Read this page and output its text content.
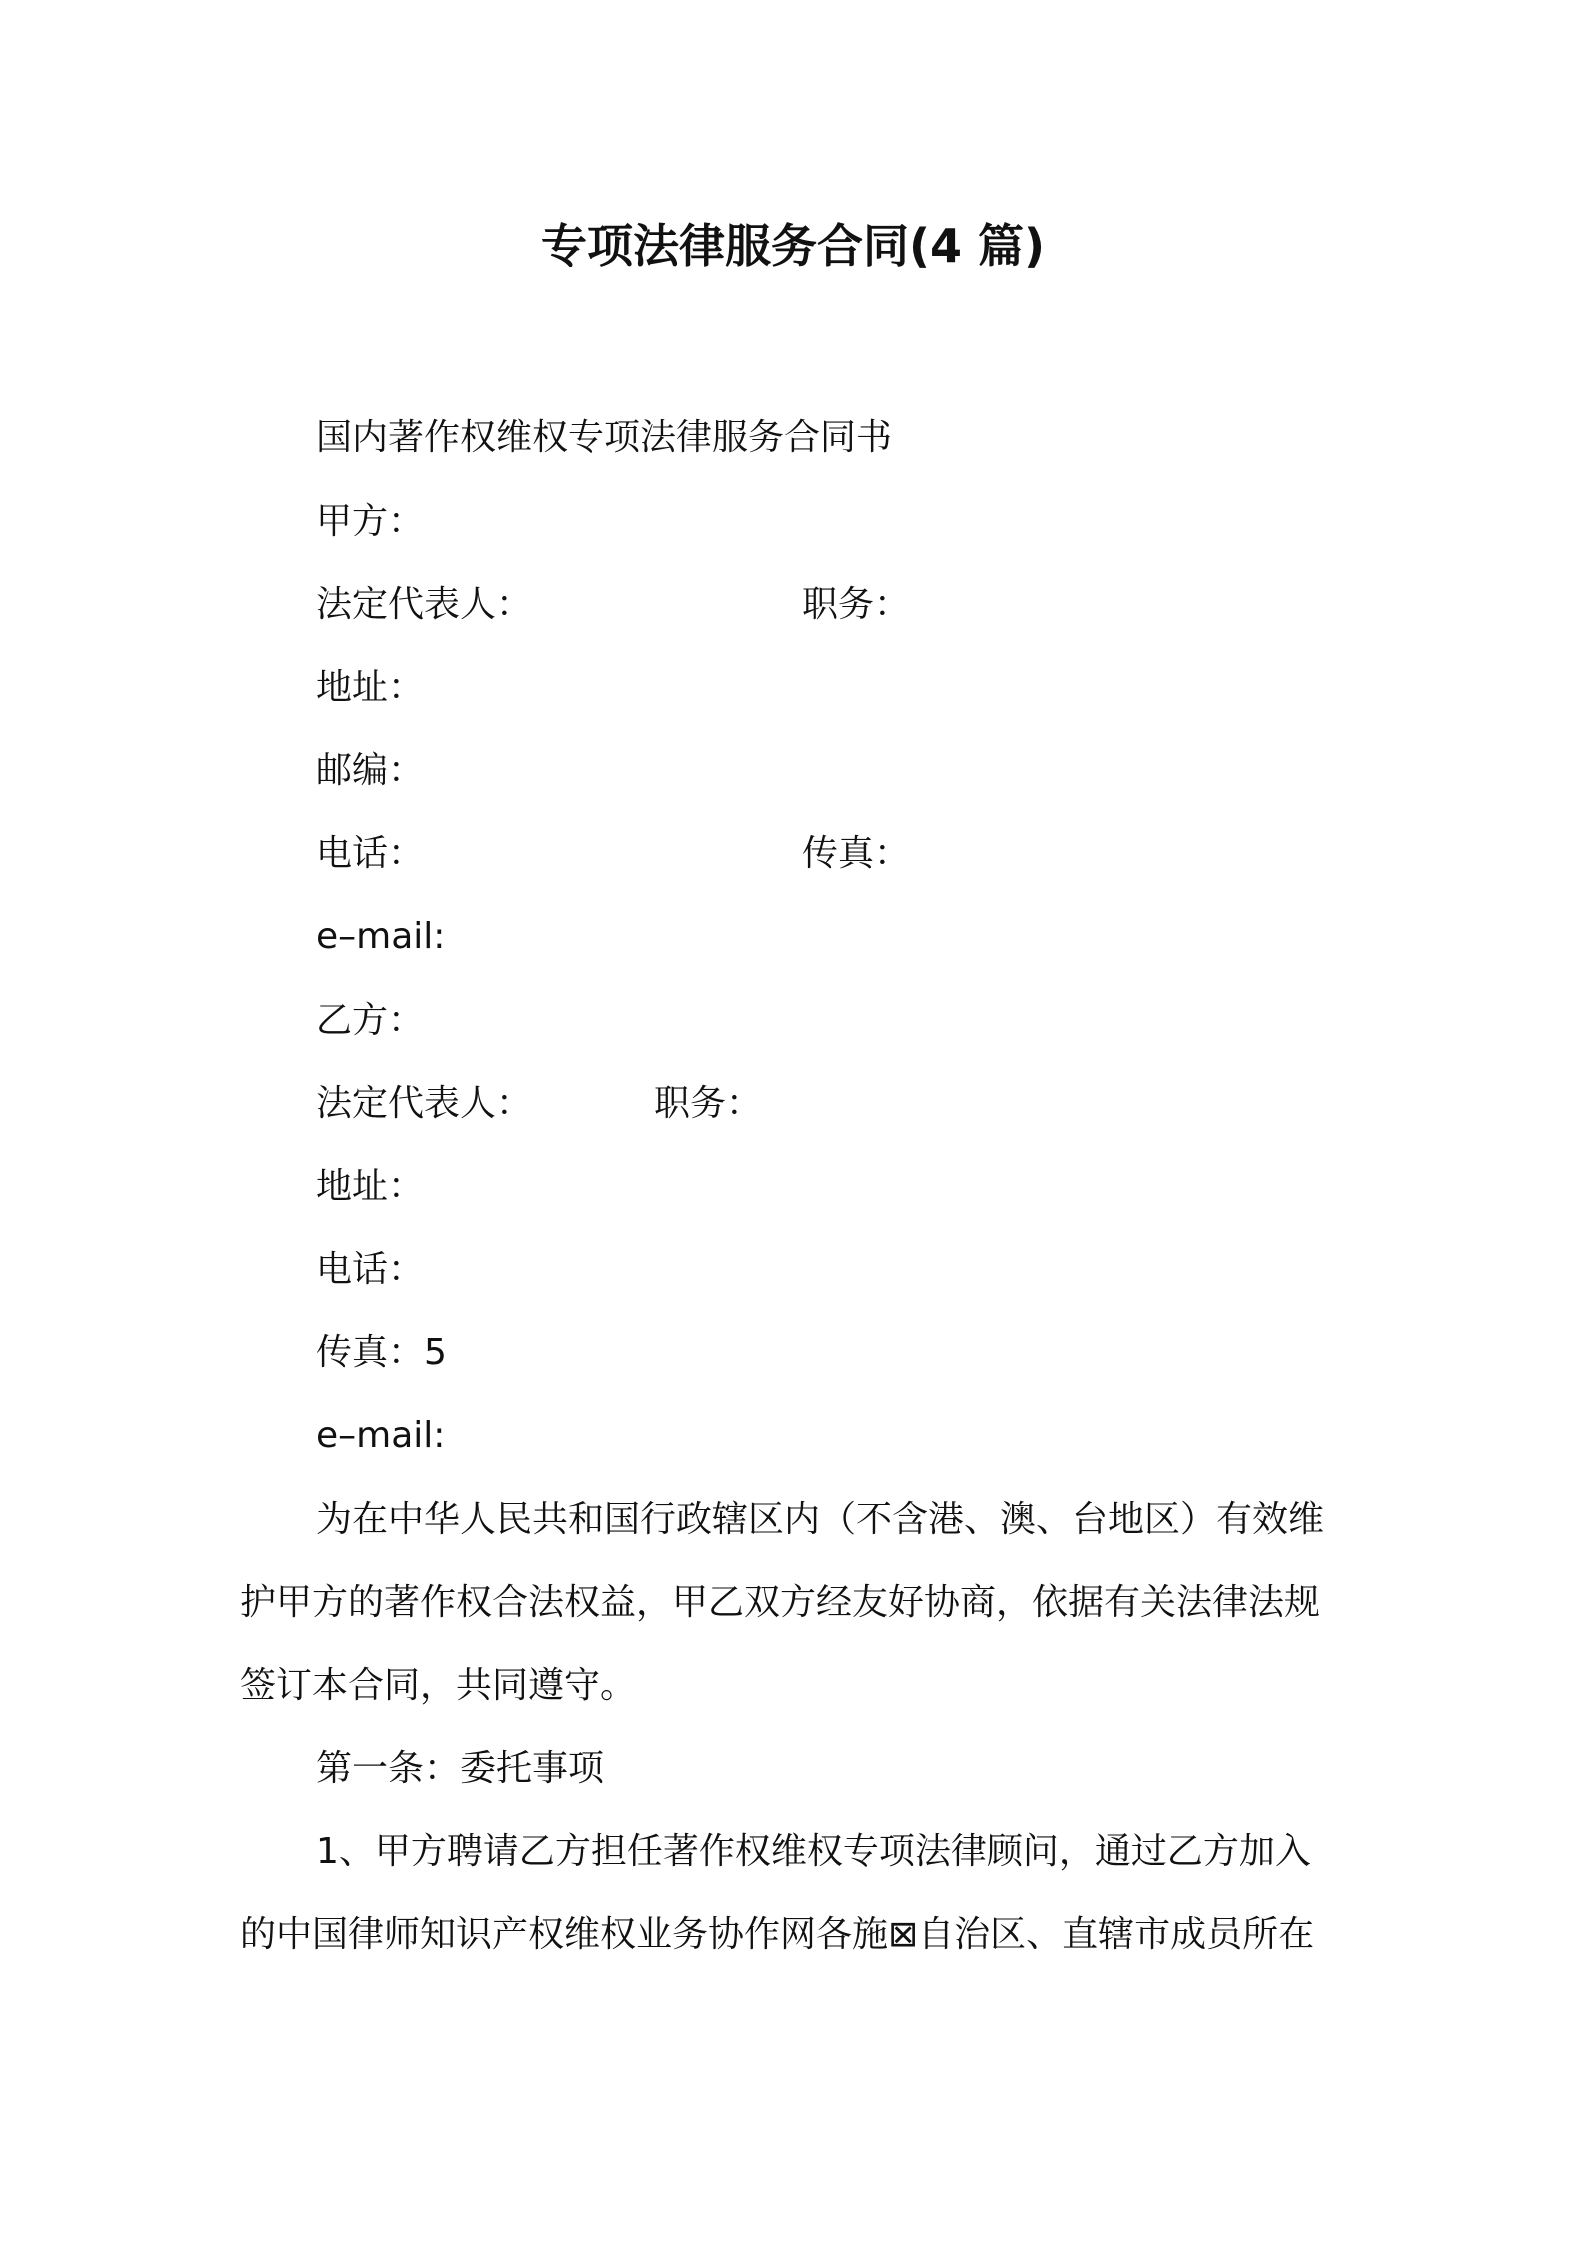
专项法律服务合同(4 篇)
国内著作权维权专项法律服务合同书
甲方：
法定代表人：	职务：
地址：
邮编：
电话：	传真：
e–mail:
乙方：
法定代表人：	职务：
地址：
电话：
传真：5
e–mail:
为在中华人民共和国行政辖区内（不含港、澳、台地区）有效维
护甲方的著作权合法权益，甲乙双方经友好协商，依据有关法律法规
签订本合同，共同遵守。
第一条：委托事项
1、甲方聘请乙方担任著作权维权专项法律顾问，通过乙方加入
的中国律师知识产权维权业务协作网各施⊠自治区、直辖市成员所在
